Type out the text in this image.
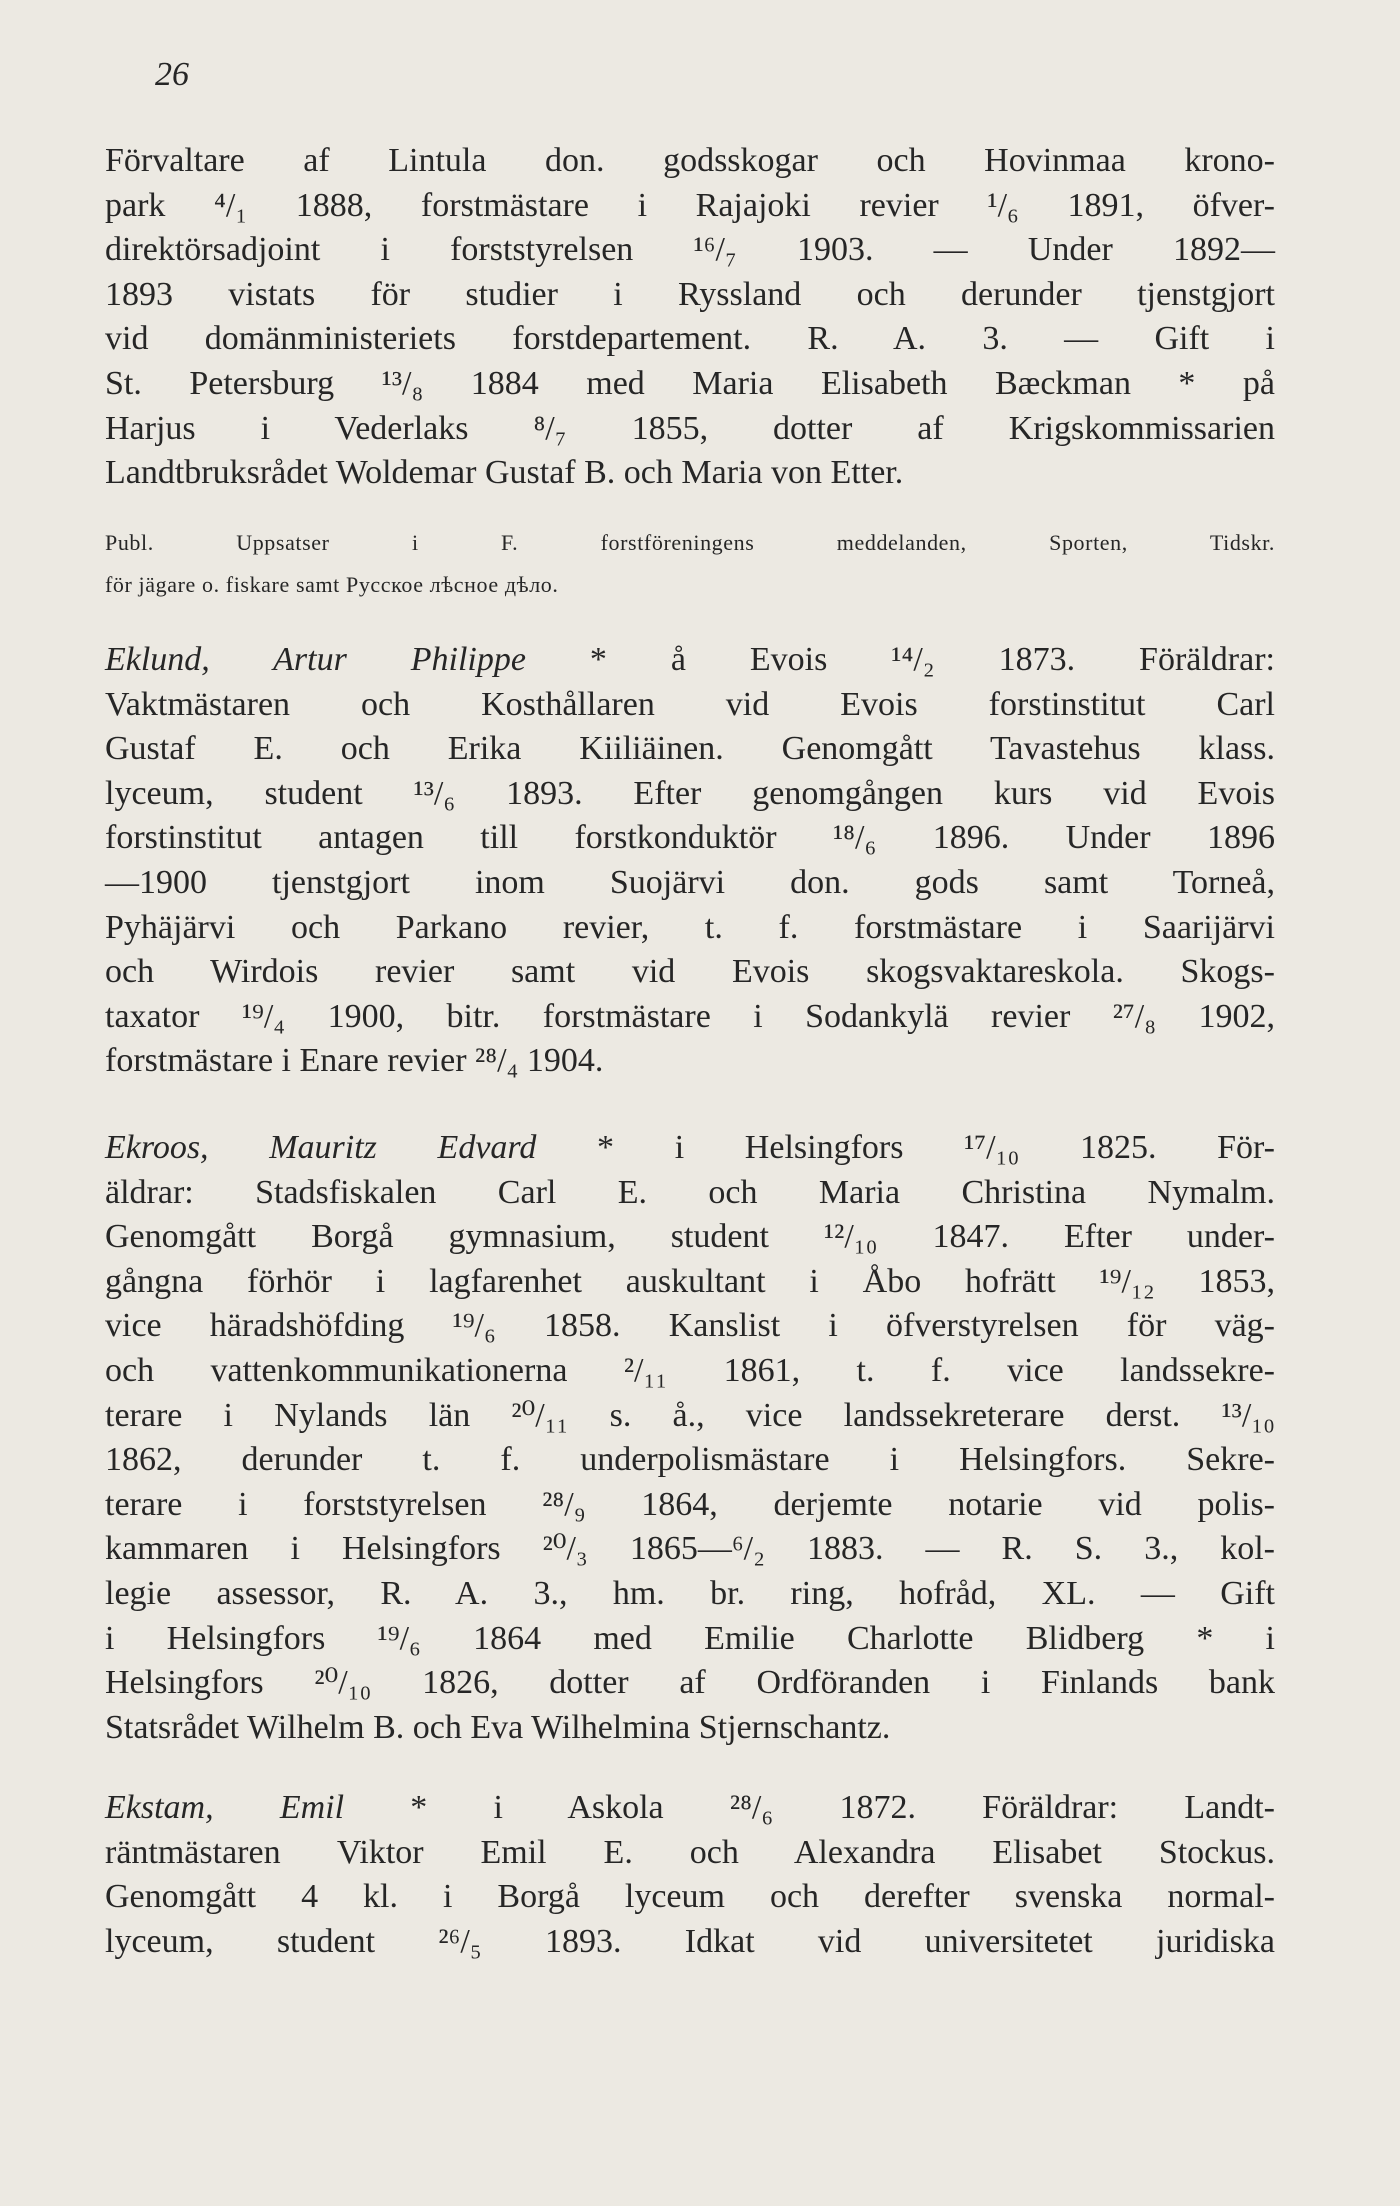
26

Förvaltare af Lintula don. godsskogar och Hovinmaa krono-
park ⁴/₁ 1888, forstmästare i Rajajoki revier ¹/₆ 1891, öfver-
direktörsadjoint i forststyrelsen ¹⁶/₇ 1903. — Under 1892—
1893 vistats för studier i Ryssland och derunder tjenstgjort
vid domänministeriets forstdepartement. R. A. 3. — Gift i
St. Petersburg ¹³/₈ 1884 med Maria Elisabeth Bæckman * på
Harjus i Vederlaks ⁸/₇ 1855, dotter af Krigskommissarien
Landtbruksrådet Woldemar Gustaf B. och Maria von Etter.
Publ. Uppsatser i F. forstföreningens meddelanden, Sporten, Tidskr.
för jägare o. fiskare samt Русское лѣсное дѣло.
Eklund, Artur Philippe * å Evois ¹⁴/₂ 1873. Föräldrar:
Vaktmästaren och Kosthållaren vid Evois forstinstitut Carl
Gustaf E. och Erika Kiiliäinen. Genomgått Tavastehus klass.
lyceum, student ¹³/₆ 1893. Efter genomgången kurs vid Evois
forstinstitut antagen till forstkonduktör ¹⁸/₆ 1896. Under 1896
—1900 tjenstgjort inom Suojärvi don. gods samt Torneå,
Pyhäjärvi och Parkano revier, t. f. forstmästare i Saarijärvi
och Wirdois revier samt vid Evois skogsvaktareskola. Skogs-
taxator ¹⁹/₄ 1900, bitr. forstmästare i Sodankylä revier ²⁷/₈ 1902,
forstmästare i Enare revier ²⁸/₄ 1904.
Ekroos, Mauritz Edvard * i Helsingfors ¹⁷/₁₀ 1825. För-
äldrar: Stadsfiskalen Carl E. och Maria Christina Nymalm.
Genomgått Borgå gymnasium, student ¹²/₁₀ 1847. Efter under-
gångna förhör i lagfarenhet auskultant i Åbo hofrätt ¹⁹/₁₂ 1853,
vice häradshöfding ¹⁹/₆ 1858. Kanslist i öfverstyrelsen för väg-
och vattenkommunikationerna ²/₁₁ 1861, t. f. vice landssekre-
terare i Nylands län ²⁰/₁₁ s. å., vice landssekreterare derst. ¹³/₁₀
1862, derunder t. f. underpolismästare i Helsingfors. Sekre-
terare i forststyrelsen ²⁸/₉ 1864, derjemte notarie vid polis-
kammaren i Helsingfors ²⁰/₃ 1865—⁶/₂ 1883. — R. S. 3., kol-
legie assessor, R. A. 3., hm. br. ring, hofråd, XL. — Gift
i Helsingfors ¹⁹/₆ 1864 med Emilie Charlotte Blidberg * i
Helsingfors ²⁰/₁₀ 1826, dotter af Ordföranden i Finlands bank
Statsrådet Wilhelm B. och Eva Wilhelmina Stjernschantz.
Ekstam, Emil * i Askola ²⁸/₆ 1872. Föräldrar: Landt-
räntmästaren Viktor Emil E. och Alexandra Elisabet Stockus.
Genomgått 4 kl. i Borgå lyceum och derefter svenska normal-
lyceum, student ²⁶/₅ 1893. Idkat vid universitetet juridiska
